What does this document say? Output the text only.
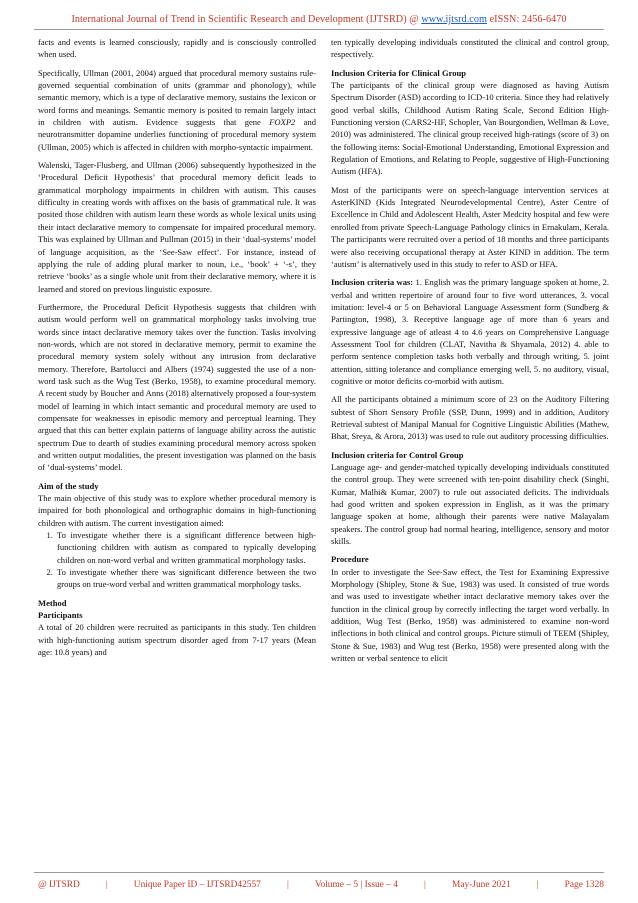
International Journal of Trend in Scientific Research and Development (IJTSRD) @ www.ijtsrd.com eISSN: 2456-6470

facts and events is learned consciously, rapidly and is consciously controlled when used.

Specifically, Ullman (2001, 2004) argued that procedural memory sustains rule-governed sequential combination of units (grammar and phonology), while semantic memory, which is a type of declarative memory, sustains the lexicon or word forms and meanings. Semantic memory is posited to remain largely intact in children with autism. Evidence suggests that gene FOXP2 and neurotransmitter dopamine underlies functioning of procedural memory system (Ullman, 2005) which is affected in children with morpho-syntactic impairment.

Walenski, Tager-Flusberg, and Ullman (2006) subsequently hypothesized in the ‘Procedural Deficit Hypothesis’ that procedural memory deficit leads to grammatical morphology impairments in children with autism. This causes difficulty in creating words with affixes on the basis of grammatical rule. It was posited those children with autism learn these words as whole lexical units using their intact declarative memory to compensate for impaired procedural memory. This was explained by Ullman and Pullman (2015) in their ‘dual-systems’ model of language acquisition, as the ‘See-Saw effect’. For instance, instead of applying the rule of adding plural marker to noun, i.e., ‘book’ + ‘-s’, they retrieve ‘books’ as a single whole unit from their declarative memory, where it is learned and stored on previous linguistic exposure.

Furthermore, the Procedural Deficit Hypothesis suggests that children with autism would perform well on grammatical morphology tasks involving true words since intact declarative memory takes over the function. Tasks involving non-words, which are not stored in declarative memory, permit to examine the procedural memory system solely without any intrusion from declarative memory. Therefore, Bartolucci and Albers (1974) suggested the use of a non-word task such as the Wug Test (Berko, 1958), to examine procedural memory. A recent study by Boucher and Anns (2018) alternatively proposed a four-system model of learning in which intact semantic and procedural memory are used to compensate for weaknesses in episodic memory and perceptual learning. They argued that this can better explain patterns of language ability across the autistic spectrum Due to dearth of studies examining procedural memory across spoken and written output modalities, the present investigation was planned on the basis of ‘dual-systems’ model.

Aim of the study

The main objective of this study was to explore whether procedural memory is impaired for both phonological and orthographic domains in high-functioning children with autism. The current investigation aimed:

1. To investigate whether there is a significant difference between high-functioning children with autism as compared to typically developing children on non-word verbal and written grammatical morphology tasks.
2. To investigate whether there was significant difference between the two groups on true-word verbal and written grammatical morphology tasks.
Method
Participants

A total of 20 children were recruited as participants in this study. Ten children with high-functioning autism spectrum disorder aged from 7-17 years (Mean age: 10.8 years) and

ten typically developing individuals constituted the clinical and control group, respectively.

Inclusion Criteria for Clinical Group

The participants of the clinical group were diagnosed as having Autism Spectrum Disorder (ASD) according to ICD-10 criteria. Since they had relatively good verbal skills, Childhood Autism Rating Scale, Second Edition High-Functioning version (CARS2-HF, Schopler, Van Bourgondien, Wellman & Love, 2010) was administered. The clinical group received high-ratings (score of 3) on the following items: Social-Emotional Understanding, Emotional Expression and Regulation of Emotions, and Relating to People, suggestive of High-Functioning Autism (HFA).

Most of the participants were on speech-language intervention services at AsterKIND (Kids Integrated Neurodevelopmental Centre), Aster Centre of Excellence in Child and Adolescent Health, Aster Medcity hospital and few were enrolled from private Speech-Language Pathology clinics in Ernakulam, Kerala. The participants were recruited over a period of 18 months and three participants were also receiving occupational therapy at Aster KIND in addition. The term ‘autism’ is alternatively used in this study to refer to ASD or HFA.

Inclusion criteria was: 1. English was the primary language spoken at home, 2. verbal and written repertoire of around four to five word utterances, 3. vocal imitation: level-4 or 5 on Behavioral Language Assessment form (Sundberg & Partington, 1998), 3. Receptive language age of more than 6 years and expressive language age of atleast 4 to 4.6 years on Comprehensive Language Assessment Tool for children (CLAT, Navitha & Shyamala, 2012) 4. able to perform sentence completion tasks both verbally and through writing, 5. joint attention, sitting tolerance and compliance emerging well, 5. no auditory, visual, cognitive or motor deficits co-morbid with autism.

All the participants obtained a minimum score of 23 on the Auditory Filtering subtest of Short Sensory Profile (SSP, Dunn, 1999) and in addition, Auditory Retrieval subtest of Manipal Manual for Cognitive Linguistic Abilities (Mathew, Bhat, Sreya, & Arora, 2013) was used to rule out auditory processing difficulties.

Inclusion criteria for Control Group

Language age- and gender-matched typically developing individuals constituted the control group. They were screened with ten-point disability check (Singhi, Kumar, Malhi& Kumar, 2007) to rule out associated deficits. The individuals had good written and spoken expression in English, as it was the primary language spoken at home, although their parents were native Malayalam speakers. The control group had normal hearing, intelligence, sensory and motor skills.

Procedure

In order to investigate the See-Saw effect, the Test for Examining Expressive Morphology (Shipley, Stone & Sue, 1983) was used. It consisted of true words and was used to investigate whether intact declarative memory takes over the function in the clinical group by correctly inflecting the target word verbally. In addition, Wug Test (Berko, 1958) was administered to examine non-word inflections in both clinical and control groups. Picture stimuli of TEEM (Shipley, Stone & Sue, 1983) and Wug test (Berko, 1958) were presented along with the written or verbal sentence to elicit

@ IJTSRD	|	Unique Paper ID – IJTSRD42557	|	Volume – 5 | Issue – 4	|	May-June 2021	|	Page 1328
